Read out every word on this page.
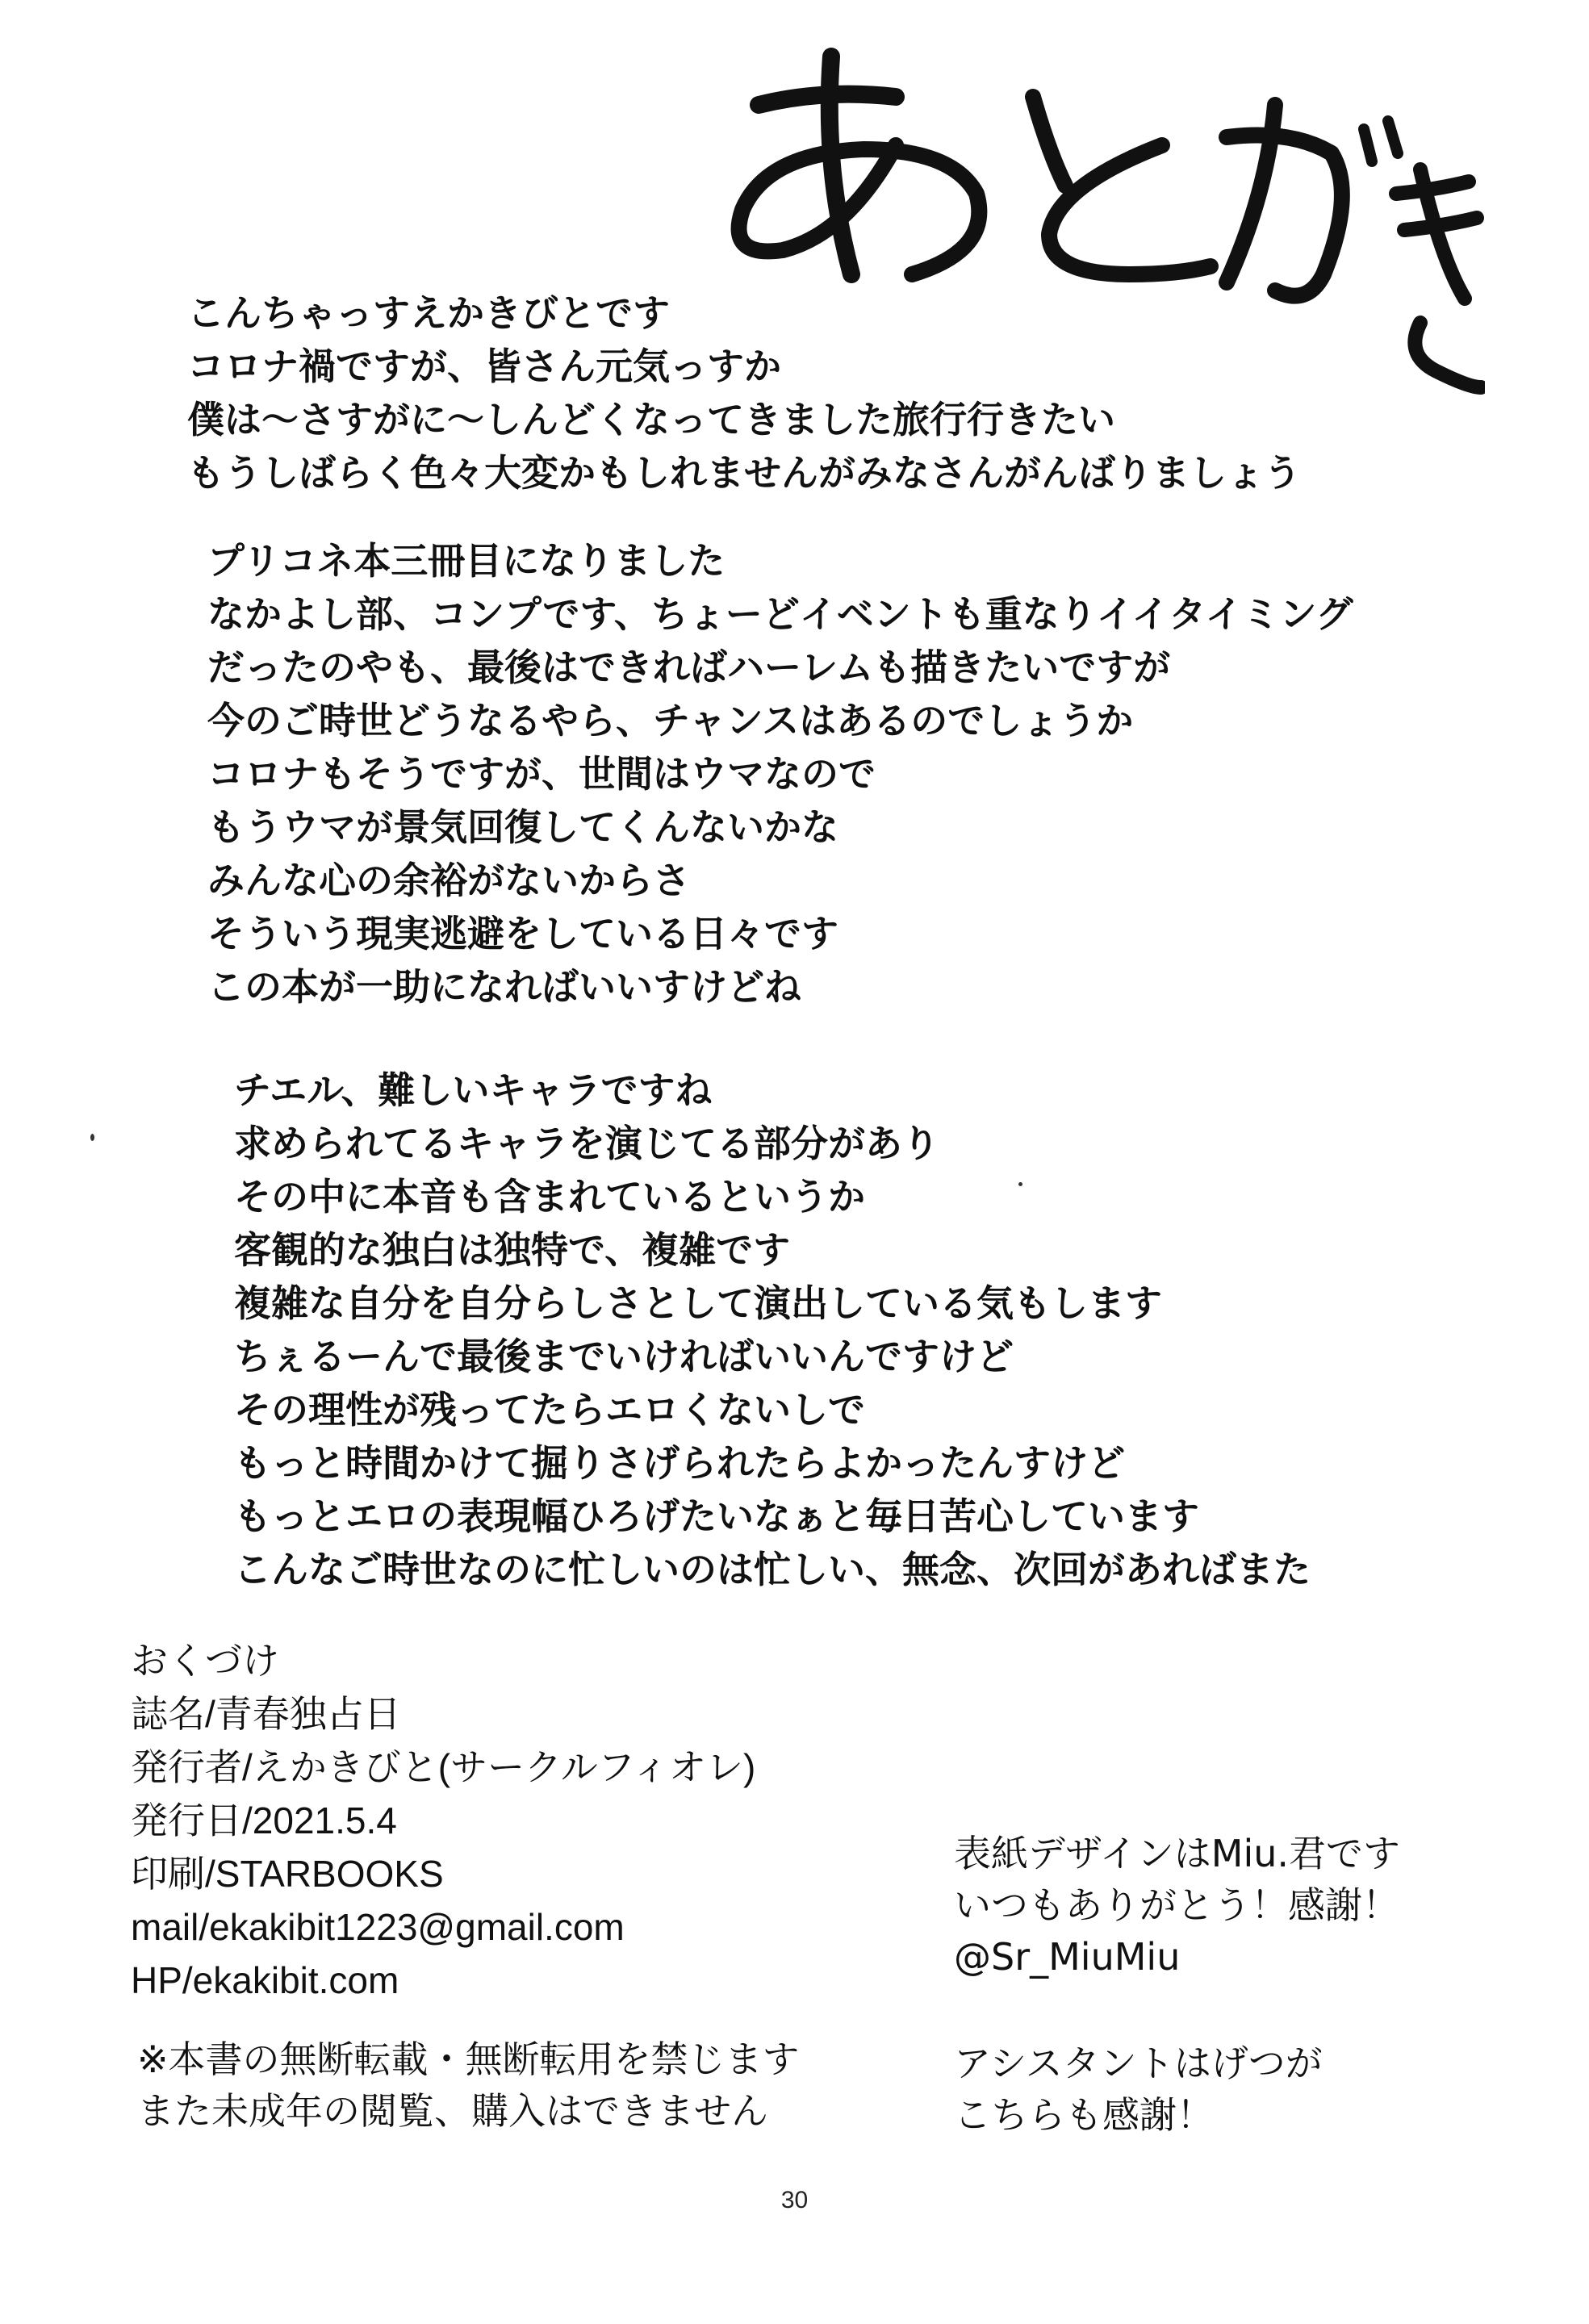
こんちゃっすえかきびとです
コロナ禍ですが、皆さん元気っすか
僕は〜さすがに〜しんどくなってきました旅行行きたい
もうしばらく色々大変かもしれませんがみなさんがんばりましょう
プリコネ本三冊目になりました
なかよし部、コンプです、ちょーどイベントも重なりイイタイミング
だったのやも、最後はできればハーレムも描きたいですが
今のご時世どうなるやら、チャンスはあるのでしょうか
コロナもそうですが、世間はウマなので
もうウマが景気回復してくんないかな
みんな心の余裕がないからさ
そういう現実逃避をしている日々です
この本が一助になればいいすけどね
チエル、難しいキャラですね
求められてるキャラを演じてる部分があり
その中に本音も含まれているというか
客観的な独白は独特で、複雑です
複雑な自分を自分らしさとして演出している気もします
ちぇるーんで最後までいければいいんですけど
その理性が残ってたらエロくないしで
もっと時間かけて掘りさげられたらよかったんすけど
もっとエロの表現幅ひろげたいなぁと毎日苦心しています
こんなご時世なのに忙しいのは忙しい、無念、次回があればまた
おくづけ
誌名/青春独占日
発行者/えかきびと(サークルフィオレ)
発行日/2021.5.4
印刷/STARBOOKS
mail/ekakibit1223@gmail.com
HP/ekakibit.com
※本書の無断転載・無断転用を禁じます
また未成年の閲覧、購入はできません
表紙デザインはMiu.君です
いつもありがとう！感謝！
@Sr_MiuMiu
アシスタントはげつが
こちらも感謝！
30
